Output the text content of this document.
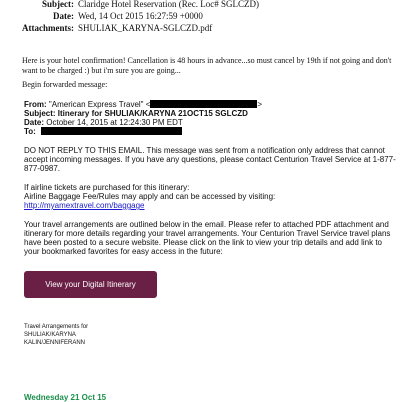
Subject: Claridge Hotel Reservation (Rec. Loc# SGLCZD)
Date: Wed, 14 Oct 2015 16:27:59 +0000
Attachments: SHULIAK_KARYNA-SGLCZD.pdf
Here is your hotel confirmation! Cancellation is 48 hours in advance...so must cancel by 19th if not going and don't want to be charged :) but i'm sure you are going...
Begin forwarded message:
From: "American Express Travel" <	>
Subject: Itinerary for SHULIAK/KARYNA 21OCT15 SGLCZD
Date: October 14, 2015 at 12:24:30 PM EDT
To:
DO NOT REPLY TO THIS EMAIL. This message was sent from a notification only address that cannot accept incoming messages. If you have any questions, please contact Centurion Travel Service at 1-877-877-0987.
If airline tickets are purchased for this itinerary:
Airline Baggage Fee/Rules may apply and can be accessed by visiting:
http://myamextravel.com/baggage
Your travel arrangements are outlined below in the email. Please refer to attached PDF attachment and itinerary for more details regarding your travel arrangements. Your Centurion Travel Service travel plans have been posted to a secure website. Please click on the link to view your trip details and add link to your bookmarked favorites for easy access in the future:
View your Digital Itinerary
Travel Arrangements for
SHULIAK/KARYNA
KALIN/JENNIFERANN
Wednesday 21 Oct 15
